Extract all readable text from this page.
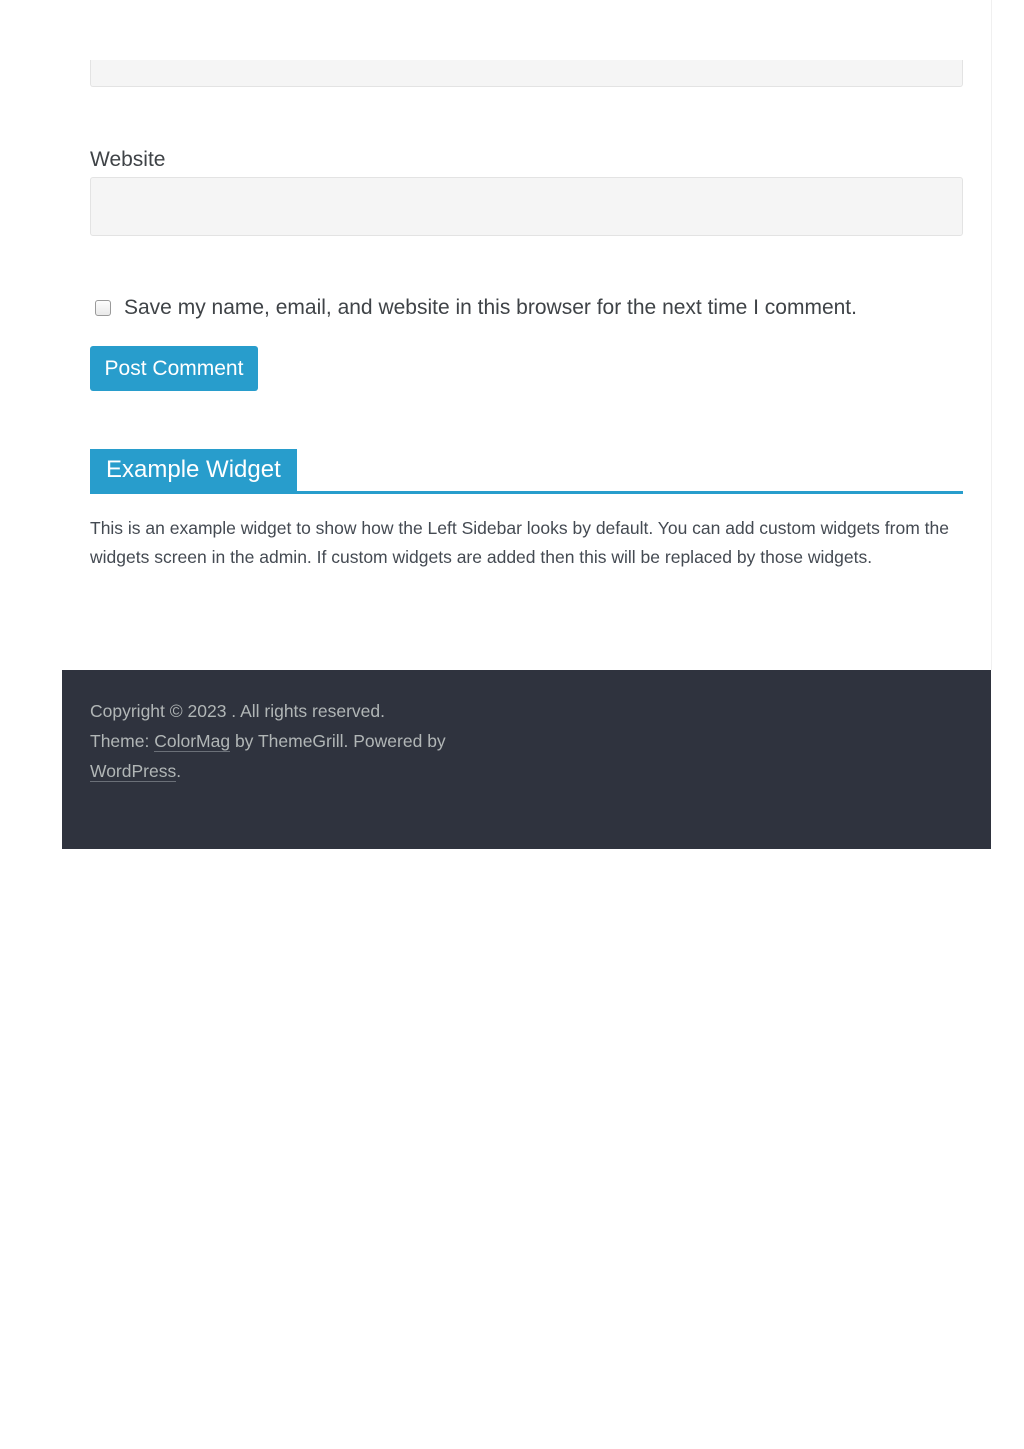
Website
Save my name, email, and website in this browser for the next time I comment.
Post Comment
Example Widget
This is an example widget to show how the Left Sidebar looks by default. You can add custom widgets from the widgets screen in the admin. If custom widgets are added then this will be replaced by those widgets.
Copyright © 2023 . All rights reserved.
Theme: ColorMag by ThemeGrill. Powered by WordPress.
